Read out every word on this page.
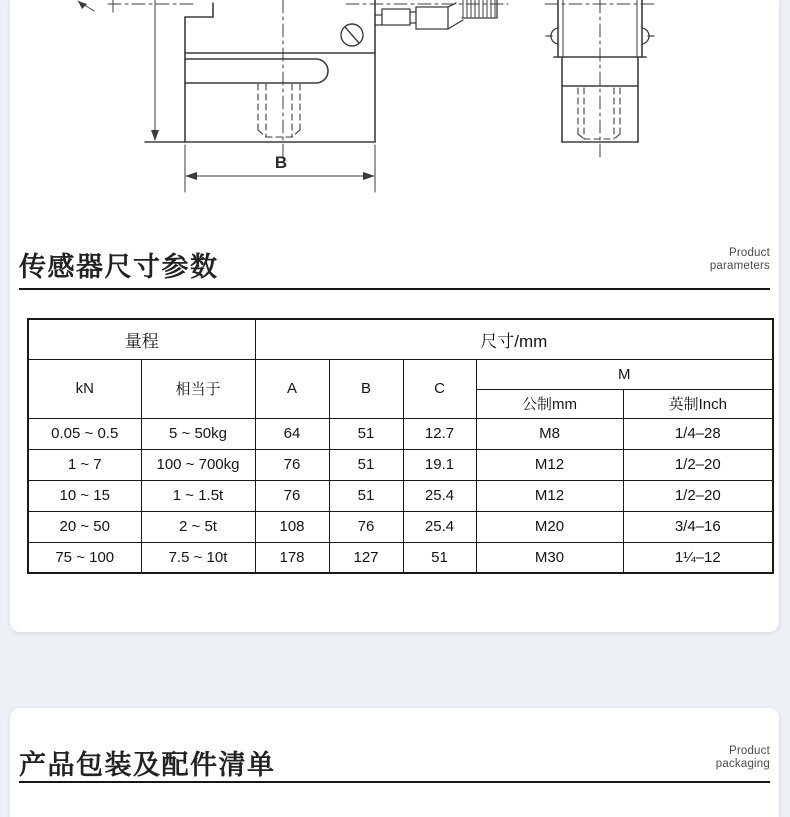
B
传感器尺寸参数	Product
parameters
量程		尺寸/mm				
kN	相当于	A	B	C	M	
					公制mm	英制Inch
0.05 ~ 0.5	5 ~ 50kg	64	51	12.7	M8	1/4–28
1 ~ 7	100 ~ 700kg	76	51	19.1	M12	1/2–20
10 ~ 15	1 ~ 1.5t	76	51	25.4	M12	1/2–20
20 ~ 50	2 ~ 5t	108	76	25.4	M20	3/4–16
75 ~ 100	7.5 ~ 10t	178	127	51	M30	1¼–12
产品包装及配件清单	Product
packaging
